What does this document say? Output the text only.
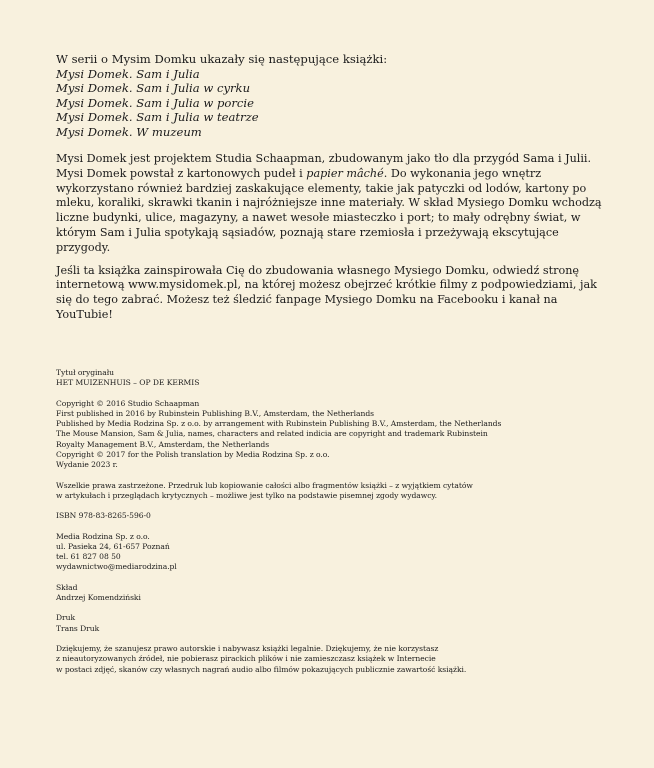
W serii o Mysim Domku ukazały się następujące książki:
Mysi Domek. Sam i Julia
Mysi Domek. Sam i Julia w cyrku
Mysi Domek. Sam i Julia w porcie
Mysi Domek. Sam i Julia w teatrze
Mysi Domek. W muzeum

Mysi Domek jest projektem Studia Schaapman, zbudowanym jako tło dla przygód Sama i Julii. Mysi Domek powstał z kartonowych pudeł i papier mâché. Do wykonania jego wnętrz wykorzystano również bardziej zaskakujące elementy, takie jak patyczki od lodów, kartony po mleku, koraliki, skrawki tkanin i najróżniejsze inne materiały. W skład Mysiego Domku wchodzą liczne budynki, ulice, magazyny, a nawet wesołe miasteczko i port; to mały odrębny świat, w którym Sam i Julia spotykają sąsiadów, poznają stare rzemiosła i przeżywają ekscytujące przygody.

Jeśli ta książka zainspirowała Cię do zbudowania własnego Mysiego Domku, odwiedź stronę internetową www.mysidomek.pl, na której możesz obejrzeć krótkie filmy z podpowiedziami, jak się do tego zabrać. Możesz też śledzić fanpage Mysiego Domku na Facebooku i kanał na YouTubie!

Tytuł oryginału
HET MUIZENHUIS – OP DE KERMIS
Copyright © 2016 Studio Schaapman
First published in 2016 by Rubinstein Publishing B.V., Amsterdam, the Netherlands
Published by Media Rodzina Sp. z o.o. by arrangement with Rubinstein Publishing B.V., Amsterdam, the Netherlands
The Mouse Mansion, Sam & Julia, names, characters and related indicia are copyright and trademark Rubinstein
Royalty Management B.V., Amsterdam, the Netherlands
Copyright © 2017 for the Polish translation by Media Rodzina Sp. z o.o.
Wydanie 2023 r.
Wszelkie prawa zastrzeżone. Przedruk lub kopiowanie całości albo fragmentów książki – z wyjątkiem cytatów
w artykułach i przeglądach krytycznych – możliwe jest tylko na podstawie pisemnej zgody wydawcy.
ISBN 978-83-8265-596-0
Media Rodzina Sp. z o.o.
ul. Pasieka 24, 61-657 Poznań
tel. 61 827 08 50
wydawnictwo@mediarodzina.pl
Skład
Andrzej Komendziński
Druk
Trans Druk
Dziękujemy, że szanujesz prawo autorskie i nabywasz książki legalnie. Dziękujemy, że nie korzystasz
z nieautoryzowanych źródeł, nie pobierasz pirackich plików i nie zamieszczasz książek w Internecie
w postaci zdjęć, skanów czy własnych nagrań audio albo filmów pokazujących publicznie zawartość książki.
